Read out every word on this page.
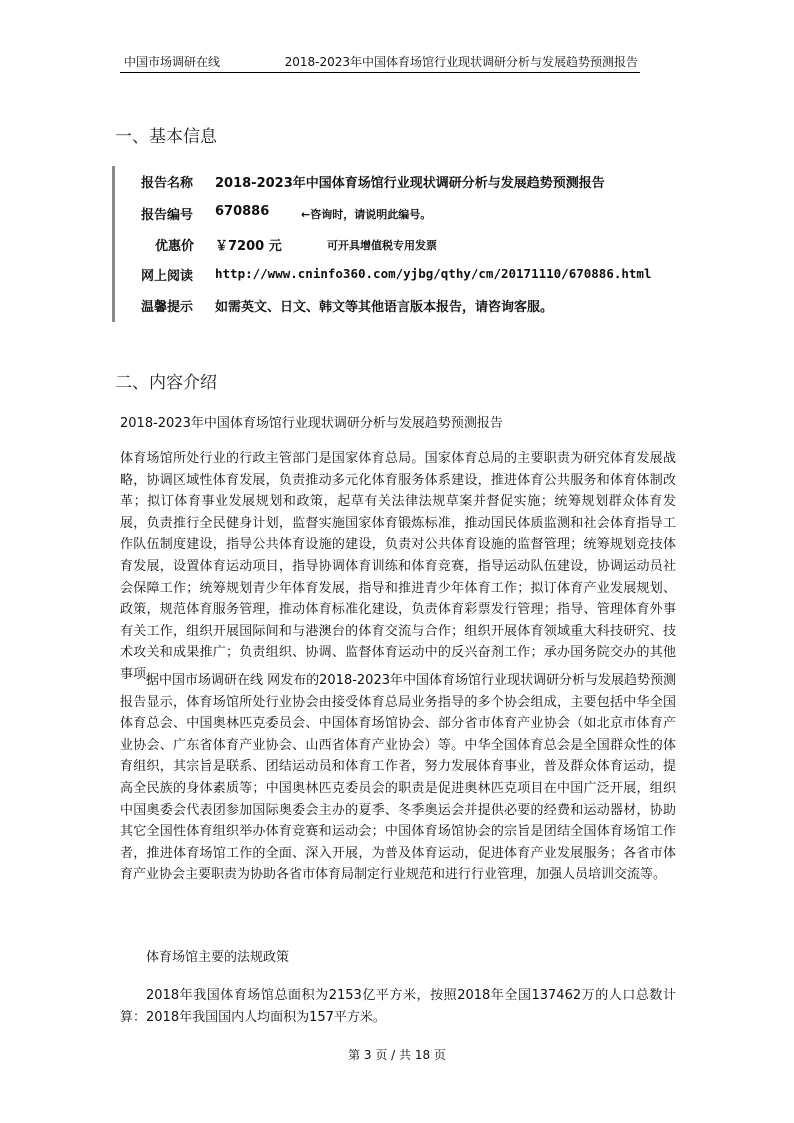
中国市场调研在线	2018-2023年中国体育场馆行业现状调研分析与发展趋势预测报告
一、基本信息
报告名称 2018-2023年中国体育场馆行业现状调研分析与发展趋势预测报告
报告编号 670886	←咨询时，请说明此编号。
优惠价 ￥7200 元	可开具增值税专用发票
网上阅读 http://www.cninfo360.com/yjbg/qthy/cm/20171110/670886.html
温馨提示 如需英文、日文、韩文等其他语言版本报告，请咨询客服。
二、内容介绍
2018-2023年中国体育场馆行业现状调研分析与发展趋势预测报告

体育场馆所处行业的行政主管部门是国家体育总局。国家体育总局的主要职责为研究体育发展战略，协调区域性体育发展，负责推动多元化体育服务体系建设，推进体育公共服务和体育体制改革；拟订体育事业发展规划和政策，起草有关法律法规草案并督促实施；统筹规划群众体育发展，负责推行全民健身计划，监督实施国家体育锻炼标准，推动国民体质监测和社会体育指导工作队伍制度建设，指导公共体育设施的建设，负责对公共体育设施的监督管理；统筹规划竞技体育发展，设置体育运动项目，指导协调体育训练和体育竞赛，指导运动队伍建设，协调运动员社会保障工作；统筹规划青少年体育发展，指导和推进青少年体育工作；拟订体育产业发展规划、政策，规范体育服务管理，推动体育标准化建设，负责体育彩票发行管理；指导、管理体育外事有关工作，组织开展国际间和与港澳台的体育交流与合作；组织开展体育领域重大科技研究、技术攻关和成果推广；负责组织、协调、监督体育运动中的反兴奋剂工作；承办国务院交办的其他事项。

据中国市场调研在线 网发布的2018-2023年中国体育场馆行业现状调研分析与发展趋势预测报告显示，体育场馆所处行业协会由接受体育总局业务指导的多个协会组成，主要包括中华全国体育总会、中国奥林匹克委员会、中国体育场馆协会、部分省市体育产业协会（如北京市体育产业协会、广东省体育产业协会、山西省体育产业协会）等。中华全国体育总会是全国群众性的体育组织，其宗旨是联系、团结运动员和体育工作者，努力发展体育事业，普及群众体育运动，提高全民族的身体素质等；中国奥林匹克委员会的职责是促进奥林匹克项目在中国广泛开展，组织中国奥委会代表团参加国际奥委会主办的夏季、冬季奥运会并提供必要的经费和运动器材，协助其它全国性体育组织举办体育竞赛和运动会；中国体育场馆协会的宗旨是团结全国体育场馆工作者，推进体育场馆工作的全面、深入开展，为普及体育运动，促进体育产业发展服务；各省市体育产业协会主要职责为协助各省市体育局制定行业规范和进行行业管理，加强人员培训交流等。

体育场馆主要的法规政策

2018年我国体育场馆总面积为2153亿平方米，按照2018年全国137462万的人口总数计算：2018年我国国内人均面积为157平方米。

第 3 页 / 共 18 页
